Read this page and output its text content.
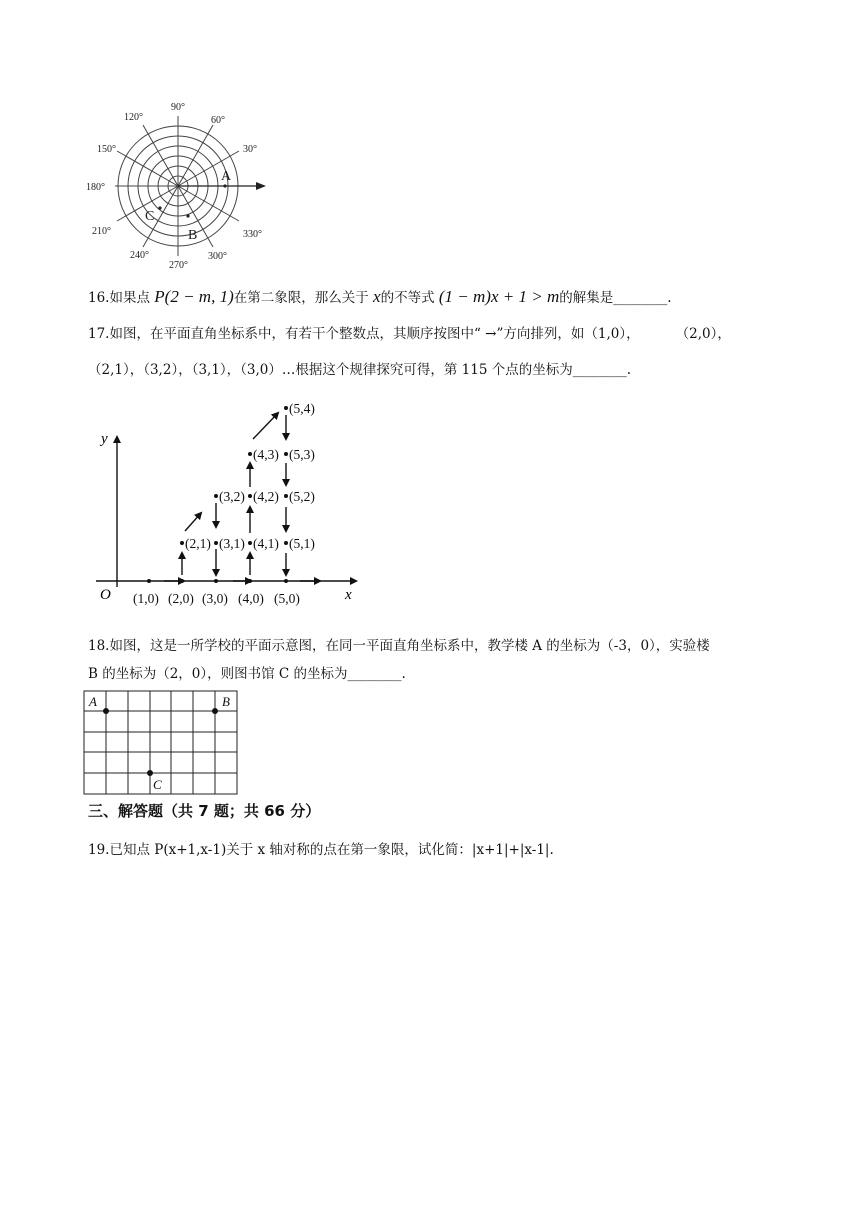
90°
60°
30°
120°
150°
180°
210°
240°
270°
300°
330°
A
B
C
16.如果点 P(2 − m, 1)在第二象限，那么关于 x的不等式 (1 − m)x + 1 > m的解集是________.
17.如图，在平面直角坐标系中，有若干个整数点，其顺序按图中“ →”方向排列，如（1,0），	（2,0），
（2,1），（3,2），（3,1），（3,0）…根据这个规律探究可得，第 115 个点的坐标为________.
y
x
O (1,0) (2,0) (3,0) (4,0) (5,0)
(2,1) (3,1) (4,1) (5,1)
(3,2) (4,2) (5,2)
(4,3) (5,3)
(5,4)
18.如图，这是一所学校的平面示意图，在同一平面直角坐标系中，教学楼 A 的坐标为（-3，0），实验楼
B 的坐标为（2，0），则图书馆 C 的坐标为________.
A	B
C
三、解答题（共 7 题；共 66 分）
19.已知点 P(x+1,x-1)关于 x 轴对称的点在第一象限，试化简：|x+1|+|x-1|.
